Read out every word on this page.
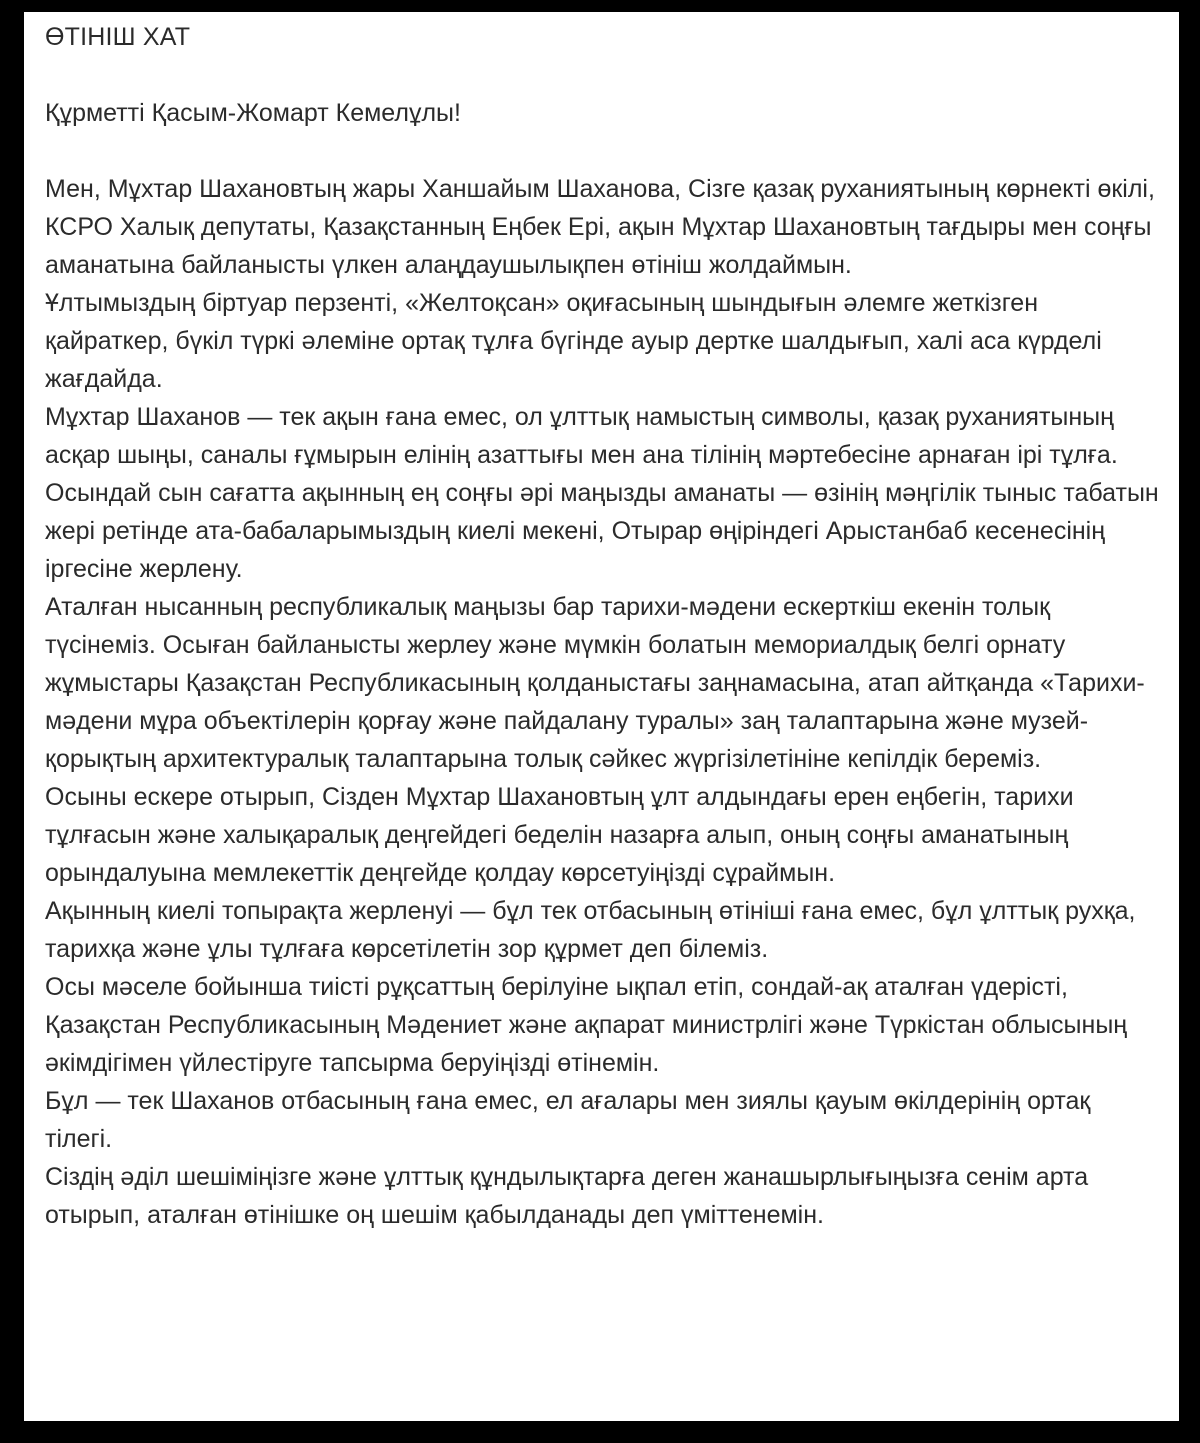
ӨТІНІШ ХАТ

Құрметті Қасым-Жомарт Кемелұлы!

Мен, Мұхтар Шахановтың жары Ханшайым Шаханова, Сізге қазақ руханиятының көрнекті өкілі, КСРО Халық депутаты, Қазақстанның Еңбек Ері, ақын Мұхтар Шахановтың тағдыры мен соңғы аманатына байланысты үлкен алаңдаушылықпен өтініш жолдаймын.

Ұлтымыздың біртуар перзенті, «Желтоқсан» оқиғасының шындығын әлемге жеткізген қайраткер, бүкіл түркі әлеміне ортақ тұлға бүгінде ауыр дертке шалдығып, халі аса күрделі жағдайда.

Мұхтар Шаханов — тек ақын ғана емес, ол ұлттық намыстың символы, қазақ руханиятының асқар шыңы, саналы ғұмырын елінің азаттығы мен ана тілінің мәртебесіне арнаған ірі тұлға.

Осындай сын сағатта ақынның ең соңғы әрі маңызды аманаты — өзінің мәңгілік тыныс табатын жері ретінде ата-бабаларымыздың киелі мекені, Отырар өңіріндегі Арыстанбаб кесенесінің іргесіне жерлену.

Аталған нысанның республикалық маңызы бар тарихи-мәдени ескерткіш екенін толық түсінеміз. Осыған байланысты жерлеу және мүмкін болатын мемориалдық белгі орнату жұмыстары Қазақстан Республикасының қолданыстағы заңнамасына, атап айтқанда «Тарихи-мәдени мұра объектілерін қорғау және пайдалану туралы» заң талаптарына және музей-қорықтың архитектуралық талаптарына толық сәйкес жүргізілетініне кепілдік береміз.

Осыны ескере отырып, Сізден Мұхтар Шахановтың ұлт алдындағы ерен еңбегін, тарихи тұлғасын және халықаралық деңгейдегі беделін назарға алып, оның соңғы аманатының орындалуына мемлекеттік деңгейде қолдау көрсетуіңізді сұраймын.

Ақынның киелі топырақта жерленуі — бұл тек отбасының өтініші ғана емес, бұл ұлттық рухқа, тарихқа және ұлы тұлғаға көрсетілетін зор құрмет деп білеміз.

Осы мәселе бойынша тиісті рұқсаттың берілуіне ықпал етіп, сондай-ақ аталған үдерісті, Қазақстан Республикасының Мәдениет және ақпарат министрлігі және Түркістан облысының әкімдігімен үйлестіруге тапсырма беруіңізді өтінемін.

Бұл — тек Шаханов отбасының ғана емес, ел ағалары мен зиялы қауым өкілдерінің ортақ тілегі.

Сіздің әділ шешіміңізге және ұлттық құндылықтарға деген жанашырлығыңызға сенім арта отырып, аталған өтінішке оң шешім қабылданады деп үміттенемін.
